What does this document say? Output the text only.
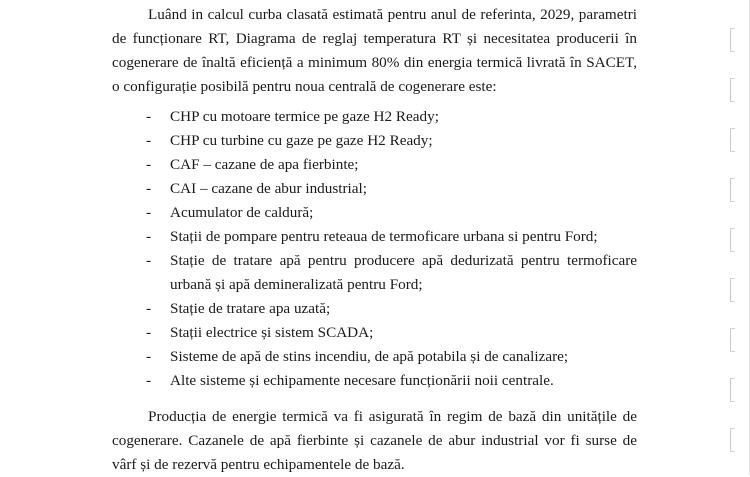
Luând in calcul curba clasată estimată pentru anul de referinta, 2029, parametri de funcționare RT, Diagrama de reglaj temperatura RT și necesitatea producerii în cogenerare de înaltă eficiență a minimum 80% din energia termică livrată în SACET, o configurație posibilă pentru noua centrală de cogenerare este:

- CHP cu motoare termice pe gaze H2 Ready;
- CHP cu turbine cu gaze pe gaze H2 Ready;
- CAF – cazane de apa fierbinte;
- CAI – cazane de abur industrial;
- Acumulator de caldură;
- Stații de pompare pentru reteaua de termoficare urbana si pentru Ford;
- Stație de tratare apă pentru producere apă dedurizată pentru termoficare urbană și apă demineralizată pentru Ford;
- Stație de tratare apa uzată;
- Stații electrice și sistem SCADA;
- Sisteme de apă de stins incendiu, de apă potabila și de canalizare;
- Alte sisteme și echipamente necesare funcționării noii centrale.

Producția de energie termică va fi asigurată în regim de bază din unitățile de cogenerare. Cazanele de apă fierbinte și cazanele de abur industrial vor fi surse de vârf și de rezervă pentru echipamentele de bază.
